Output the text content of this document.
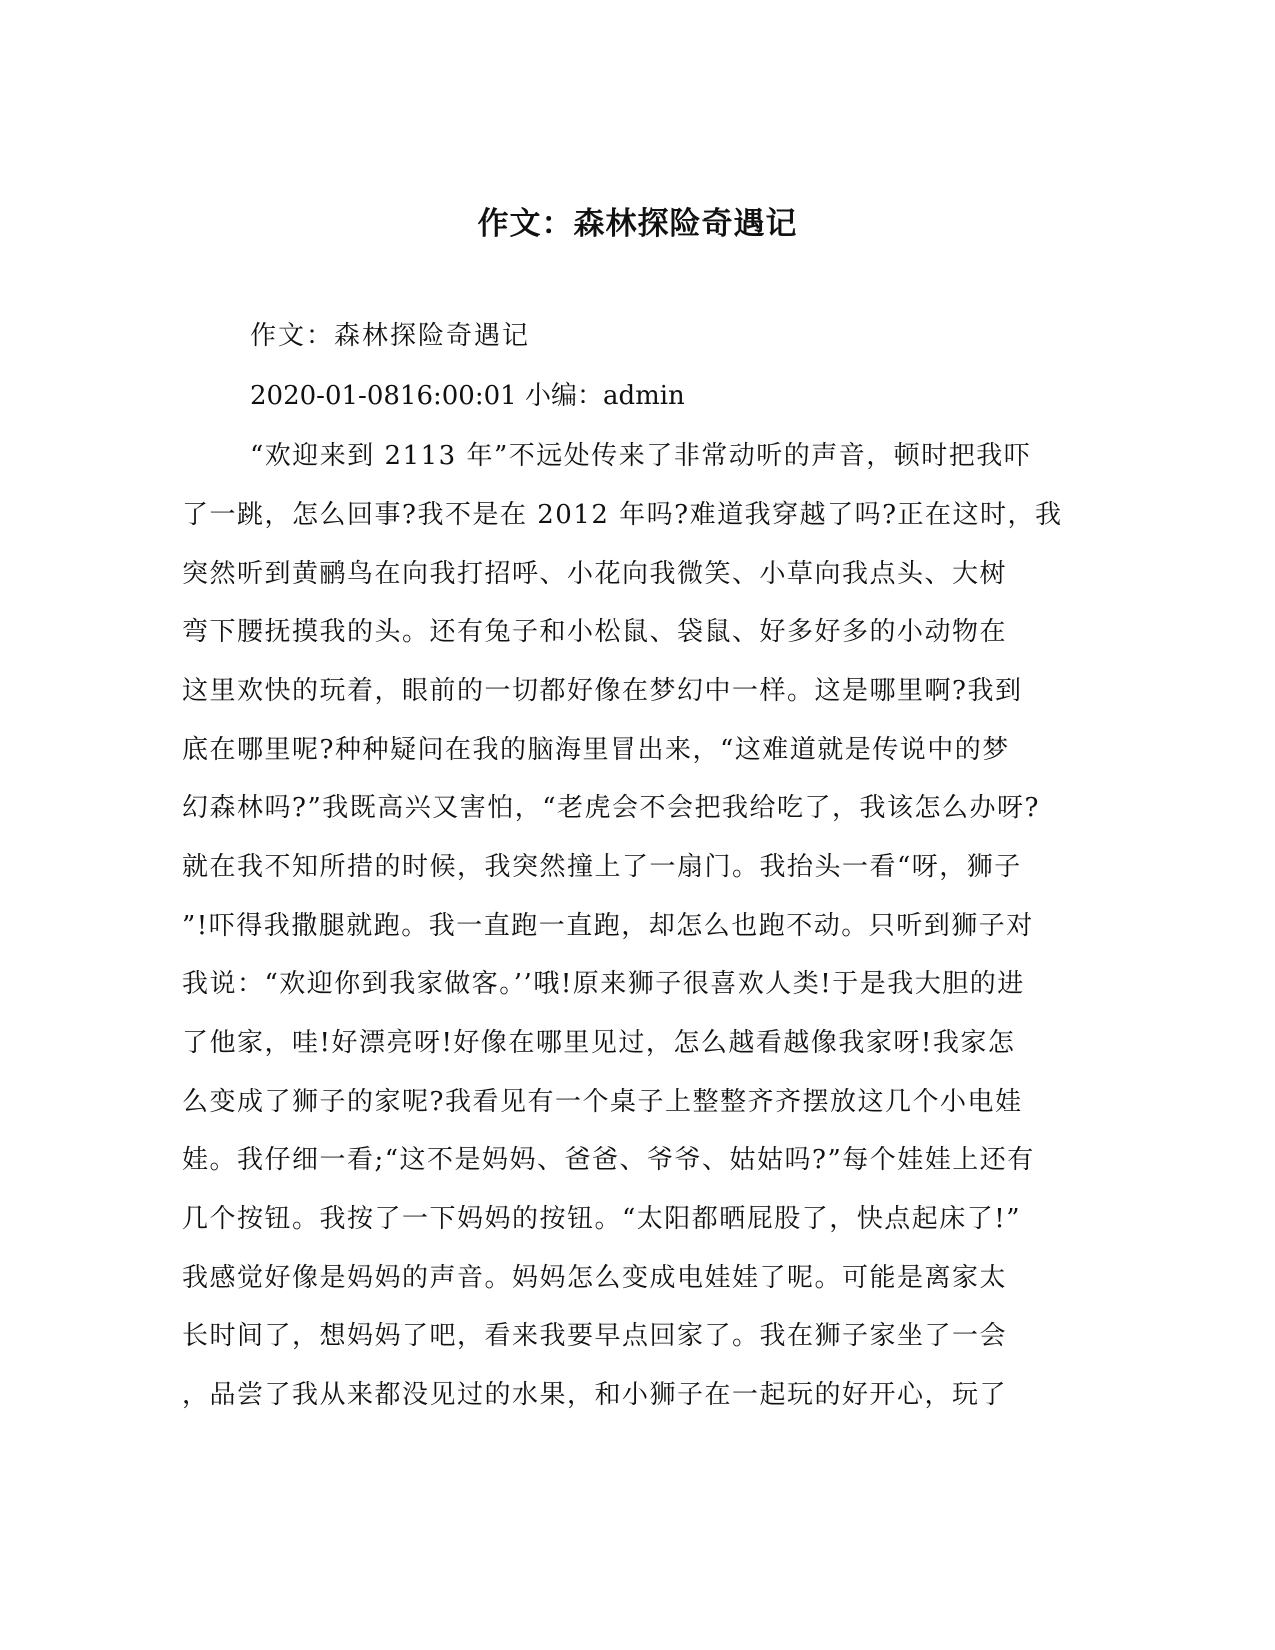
作文：森林探险奇遇记

作文：森林探险奇遇记

2020-01-0816:00:01 小编：admin

“欢迎来到 2113 年”不远处传来了非常动听的声音，顿时把我吓

了一跳，怎么回事?我不是在 2012 年吗?难道我穿越了吗?正在这时，我

突然听到黄鹂鸟在向我打招呼、小花向我微笑、小草向我点头、大树

弯下腰抚摸我的头。还有兔子和小松鼠、袋鼠、好多好多的小动物在

这里欢快的玩着，眼前的一切都好像在梦幻中一样。这是哪里啊?我到

底在哪里呢?种种疑问在我的脑海里冒出来，“这难道就是传说中的梦

幻森林吗?”我既高兴又害怕，“老虎会不会把我给吃了，我该怎么办呀?

就在我不知所措的时候，我突然撞上了一扇门。我抬头一看“呀，狮子

”!吓得我撒腿就跑。我一直跑一直跑，却怎么也跑不动。只听到狮子对

我说：“欢迎你到我家做客。’’哦!原来狮子很喜欢人类!于是我大胆的进

了他家，哇!好漂亮呀!好像在哪里见过，怎么越看越像我家呀!我家怎

么变成了狮子的家呢?我看见有一个桌子上整整齐齐摆放这几个小电娃

娃。我仔细一看;“这不是妈妈、爸爸、爷爷、姑姑吗?”每个娃娃上还有

几个按钮。我按了一下妈妈的按钮。“太阳都晒屁股了，快点起床了!”

我感觉好像是妈妈的声音。妈妈怎么变成电娃娃了呢。可能是离家太

长时间了，想妈妈了吧，看来我要早点回家了。我在狮子家坐了一会

，品尝了我从来都没见过的水果，和小狮子在一起玩的好开心，玩了
